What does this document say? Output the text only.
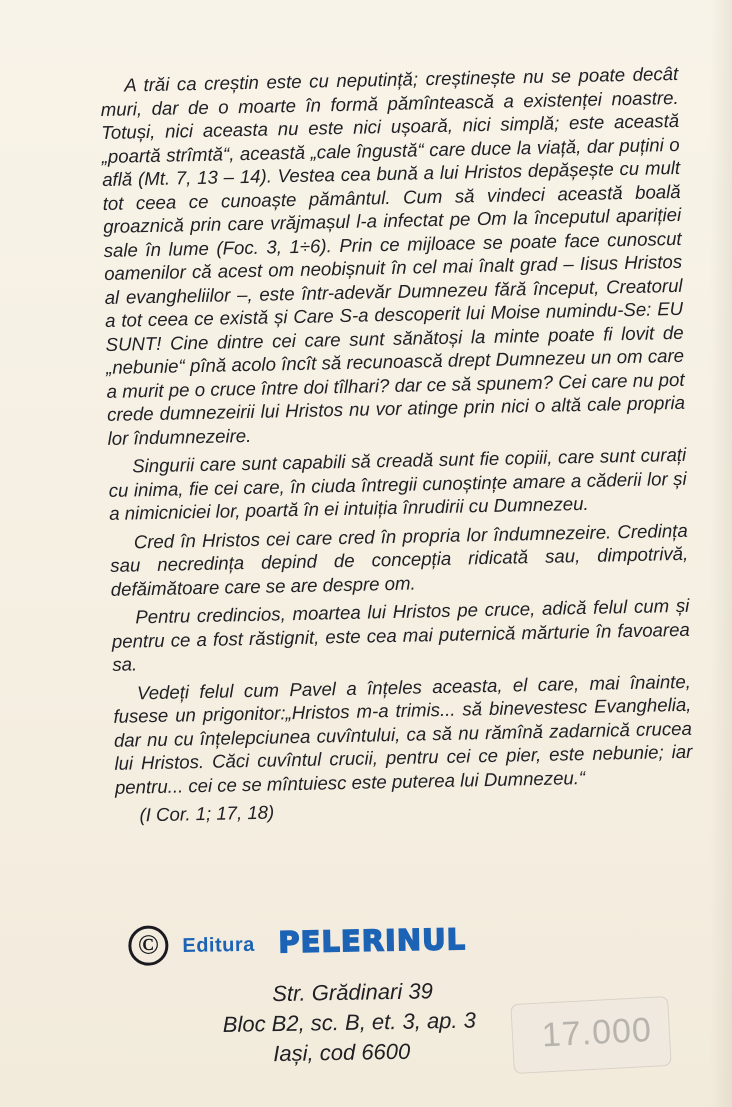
A trăi ca creștin este cu neputință; creștinește nu se poate decât muri, dar de o moarte în formă pămîntească a existenței noastre. Totuși, nici aceasta nu este nici ușoară, nici simplă; este această „poartă strîmtă“, această „cale îngustă“ care duce la viață, dar puțini o află (Mt. 7, 13 – 14). Vestea cea bună a lui Hristos depășește cu mult tot ceea ce cunoaște pământul. Cum să vindeci această boală groaznică prin care vrăjmașul l-a infectat pe Om la începutul apariției sale în lume (Foc. 3, 1÷6). Prin ce mijloace se poate face cunoscut oamenilor că acest om neobișnuit în cel mai înalt grad – Iisus Hristos al evangheliilor –, este într-adevăr Dumnezeu fără început, Creatorul a tot ceea ce există și Care S-a descoperit lui Moise numindu-Se: EU SUNT! Cine dintre cei care sunt sănătoși la minte poate fi lovit de „nebunie“ pînă acolo încît să recunoască drept Dumnezeu un om care a murit pe o cruce între doi tîlhari? dar ce să spunem? Cei care nu pot crede dumnezeirii lui Hristos nu vor atinge prin nici o altă cale propria lor îndumnezeire.

Singurii care sunt capabili să creadă sunt fie copiii, care sunt curați cu inima, fie cei care, în ciuda întregii cunoștințe amare a căderii lor și a nimicniciei lor, poartă în ei intuiția înrudirii cu Dumnezeu.

Cred în Hristos cei care cred în propria lor îndumnezeire. Credința sau necredința depind de concepția ridicată sau, dimpotrivă, defăimătoare care se are despre om.

Pentru credincios, moartea lui Hristos pe cruce, adică felul cum și pentru ce a fost răstignit, este cea mai puternică mărturie în favoarea sa.

Vedeți felul cum Pavel a înțeles aceasta, el care, mai înainte, fusese un prigonitor:„Hristos m-a trimis... să binevestesc Evanghelia, dar nu cu înțelepciunea cuvîntului, ca să nu rămînă zadarnică crucea lui Hristos. Căci cuvîntul crucii, pentru cei ce pier, este nebunie; iar pentru... cei ce se mîntuiesc este puterea lui Dumnezeu.“

(I Cor. 1; 17, 18)

©	Editura PELERINUL
Str. Grădinari 39
Bloc B2, sc. B, et. 3, ap. 3
Iași, cod 6600	17.000
